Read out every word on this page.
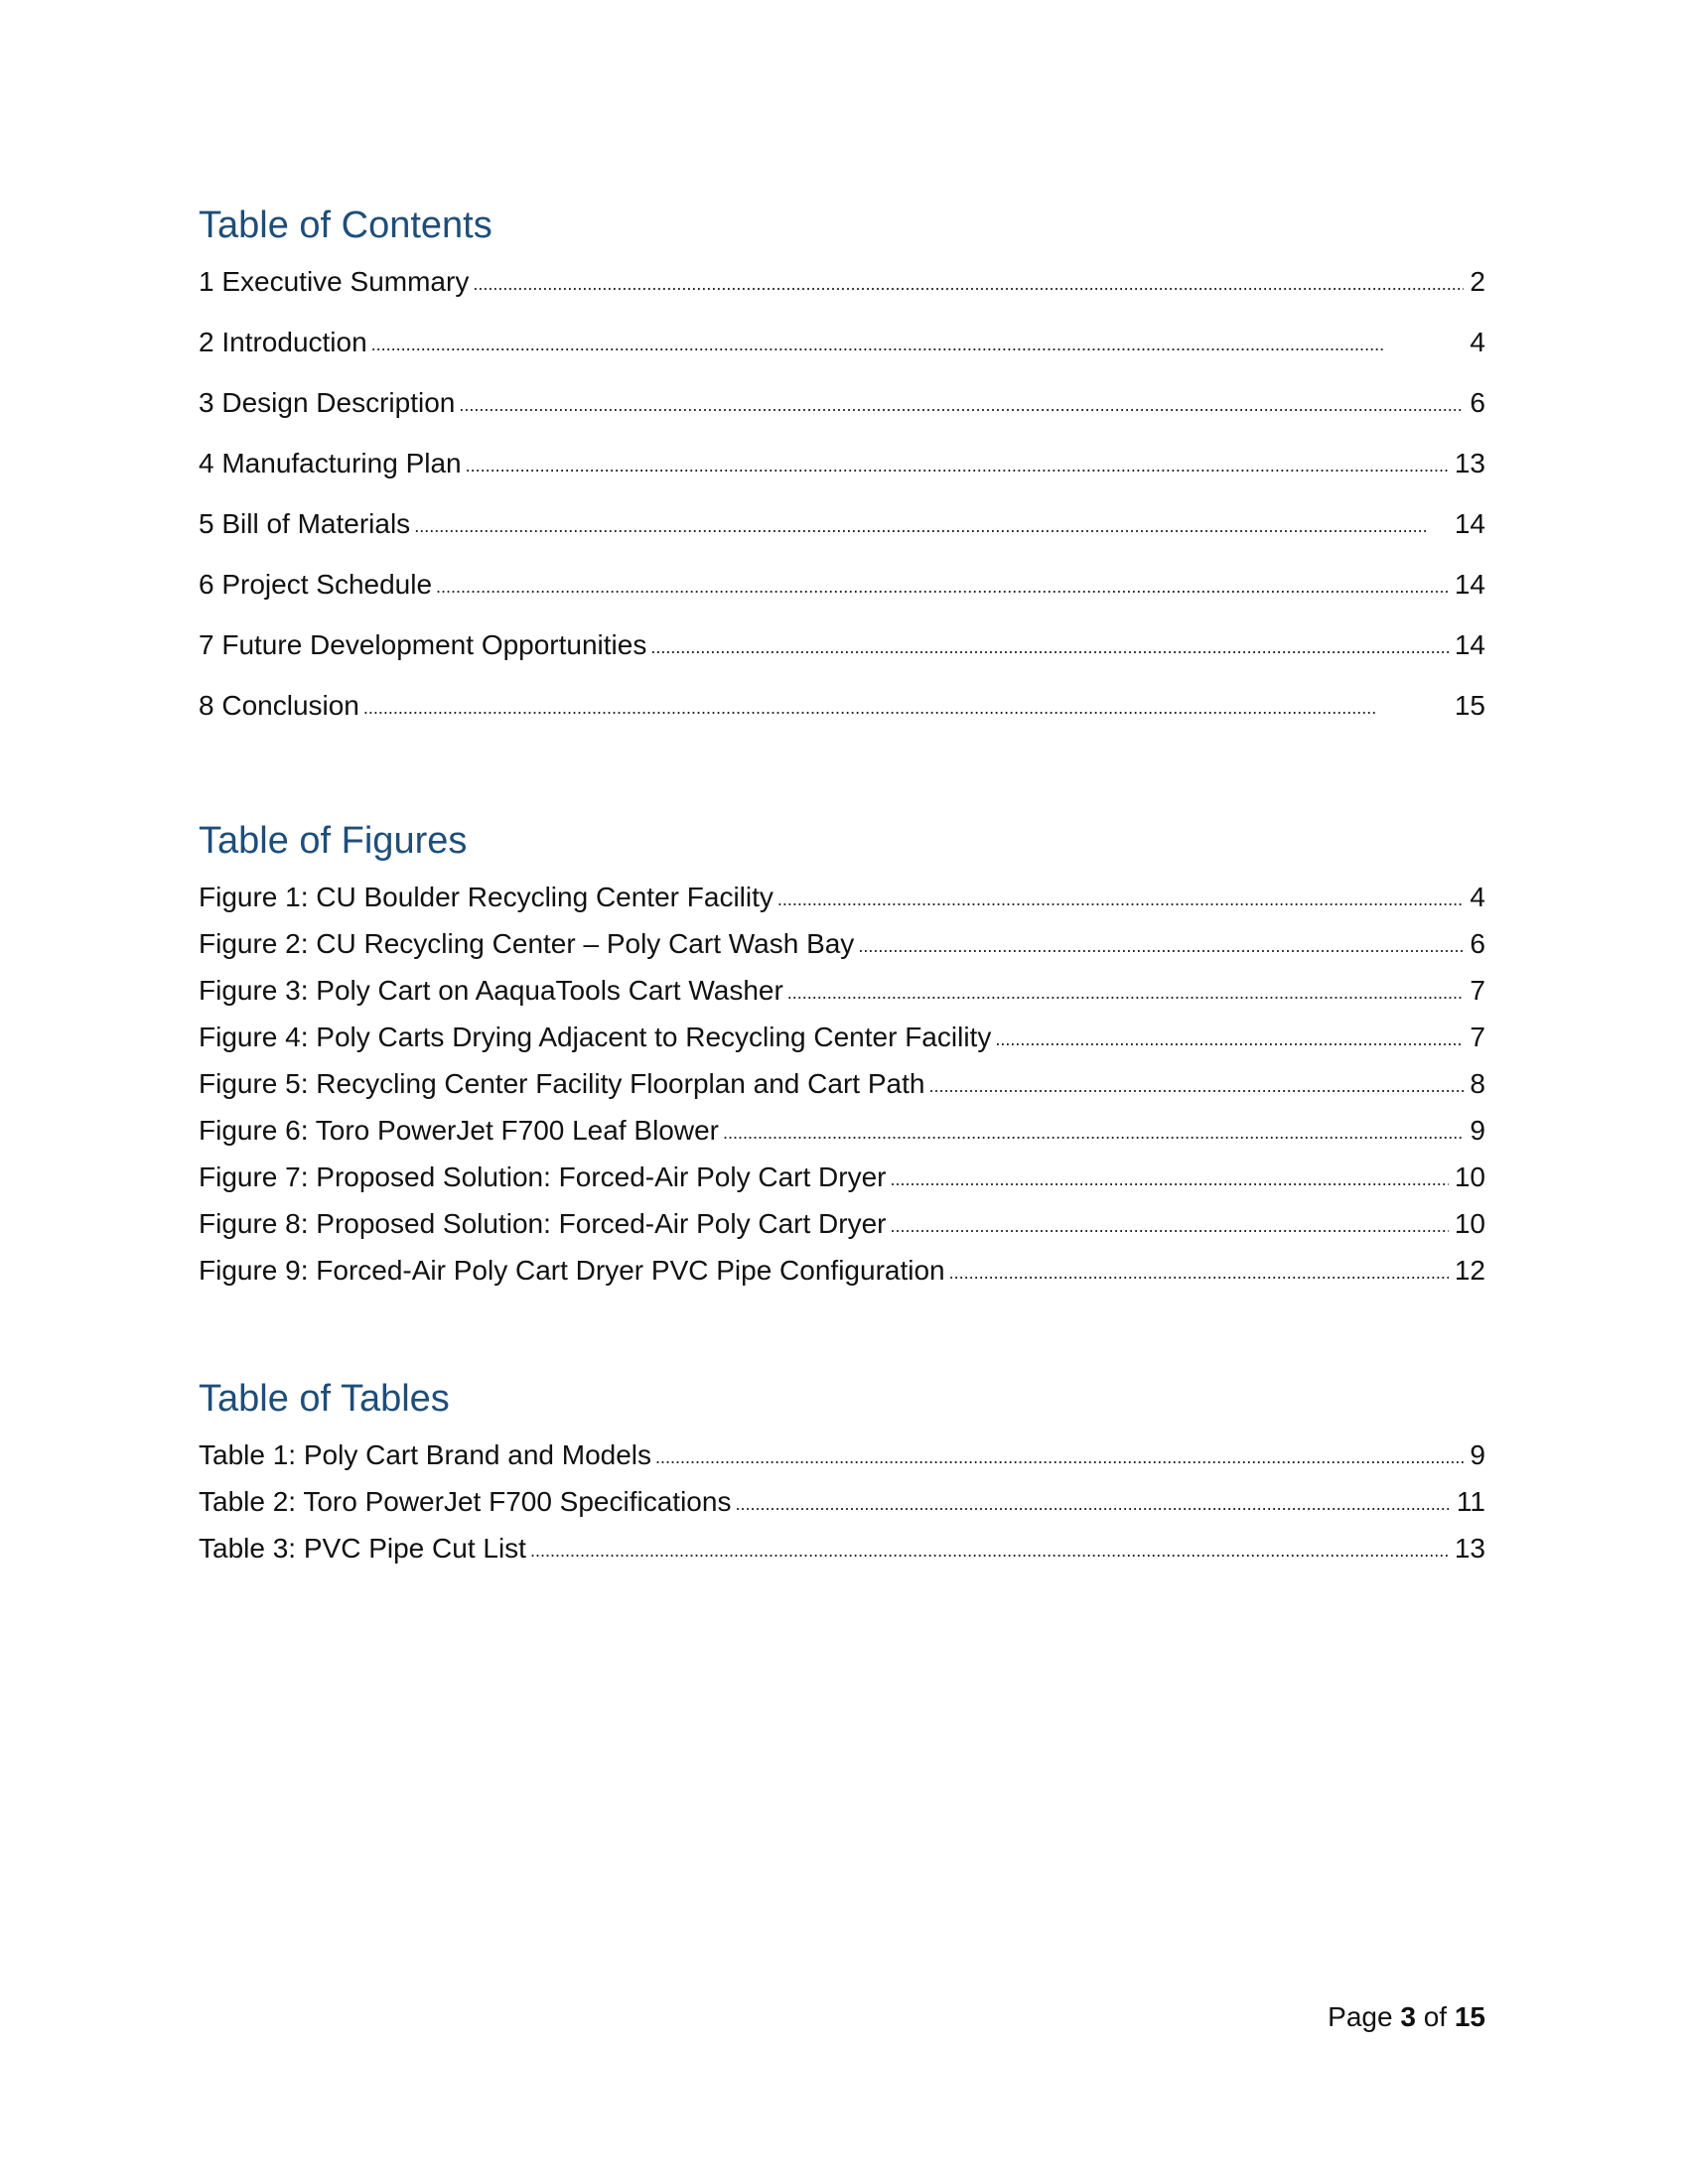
Table of Contents
1 Executive Summary . . .	2
2 Introduction . . .	4
3 Design Description . . .	6
4 Manufacturing Plan . . .	13
5 Bill of Materials . . .	14
6 Project Schedule . . .	14
7 Future Development Opportunities . . .	14
8 Conclusion . . .	15
Table of Figures
Figure 1: CU Boulder Recycling Center Facility . . .	4
Figure 2: CU Recycling Center – Poly Cart Wash Bay . . .	6
Figure 3: Poly Cart on AaquaTools Cart Washer . . .	7
Figure 4: Poly Carts Drying Adjacent to Recycling Center Facility . . .	7
Figure 5: Recycling Center Facility Floorplan and Cart Path . . .	8
Figure 6: Toro PowerJet F700 Leaf Blower . . .	9
Figure 7: Proposed Solution: Forced-Air Poly Cart Dryer . . .	10
Figure 8: Proposed Solution: Forced-Air Poly Cart Dryer . . .	10
Figure 9: Forced-Air Poly Cart Dryer PVC Pipe Configuration . . .	12
Table of Tables
Table 1: Poly Cart Brand and Models . . .	9
Table 2: Toro PowerJet F700 Specifications . . .	11
Table 3: PVC Pipe Cut List . . .	13
Page 3 of 15
